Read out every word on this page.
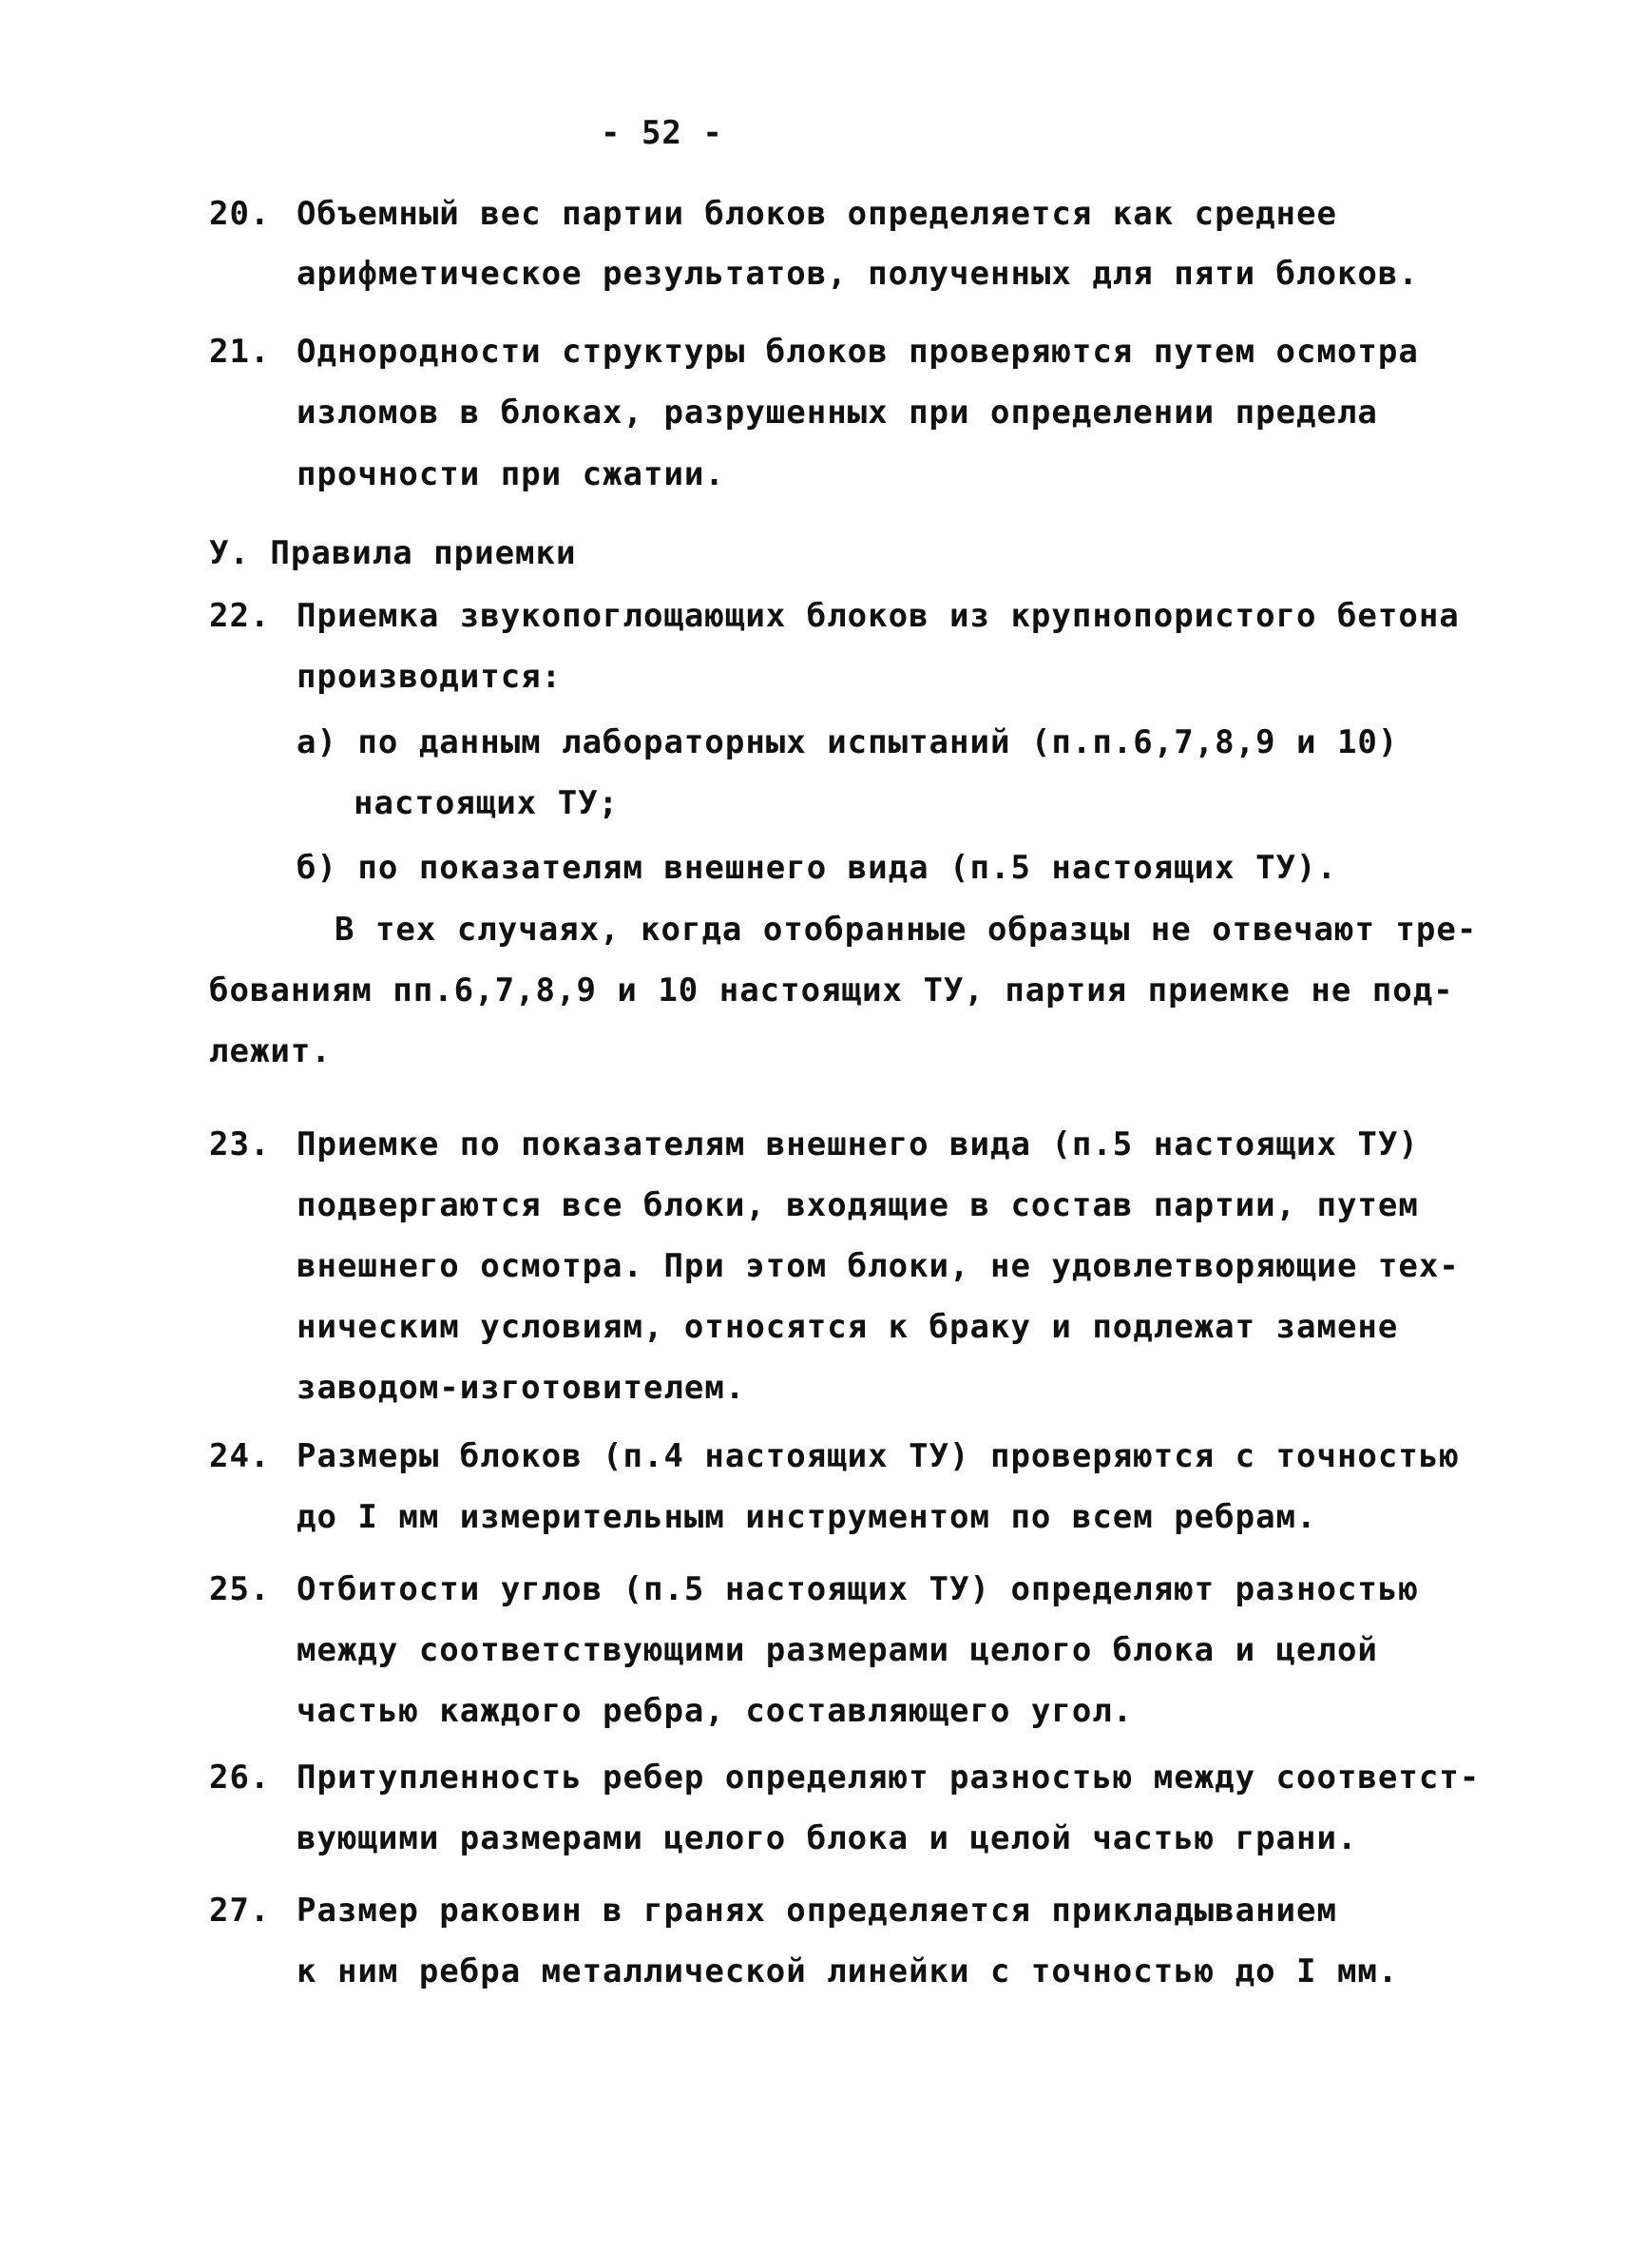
- 52 -
20. Объемный вес партии блоков определяется как среднее
арифметическое результатов, полученных для пяти блоков.
21. Однородности структуры блоков проверяются путем осмотра
изломов в блоках, разрушенных при определении предела
прочности при сжатии.
У. Правила приемки
22. Приемка звукопоглощающих блоков из крупнопористого бетона
производится:
а) по данным лабораторных испытаний (п.п.6,7,8,9 и 10)
настоящих ТУ;
б) по показателям внешнего вида (п.5 настоящих ТУ).
В тех случаях, когда отобранные образцы не отвечают тре-
бованиям пп.6,7,8,9 и 10 настоящих ТУ, партия приемке не под-
лежит.
23. Приемке по показателям внешнего вида (п.5 настоящих ТУ)
подвергаются все блоки, входящие в состав партии, путем
внешнего осмотра. При этом блоки, не удовлетворяющие тех-
ническим условиям, относятся к браку и подлежат замене
заводом-изготовителем.
24. Размеры блоков (п.4 настоящих ТУ) проверяются с точностью
до I мм измерительным инструментом по всем ребрам.
25. Отбитости углов (п.5 настоящих ТУ) определяют разностью
между соответствующими размерами целого блока и целой
частью каждого ребра, составляющего угол.
26. Притупленность ребер определяют разностью между соответст-
вующими размерами целого блока и целой частью грани.
27. Размер раковин в гранях определяется прикладыванием
к ним ребра металлической линейки с точностью до I мм.
